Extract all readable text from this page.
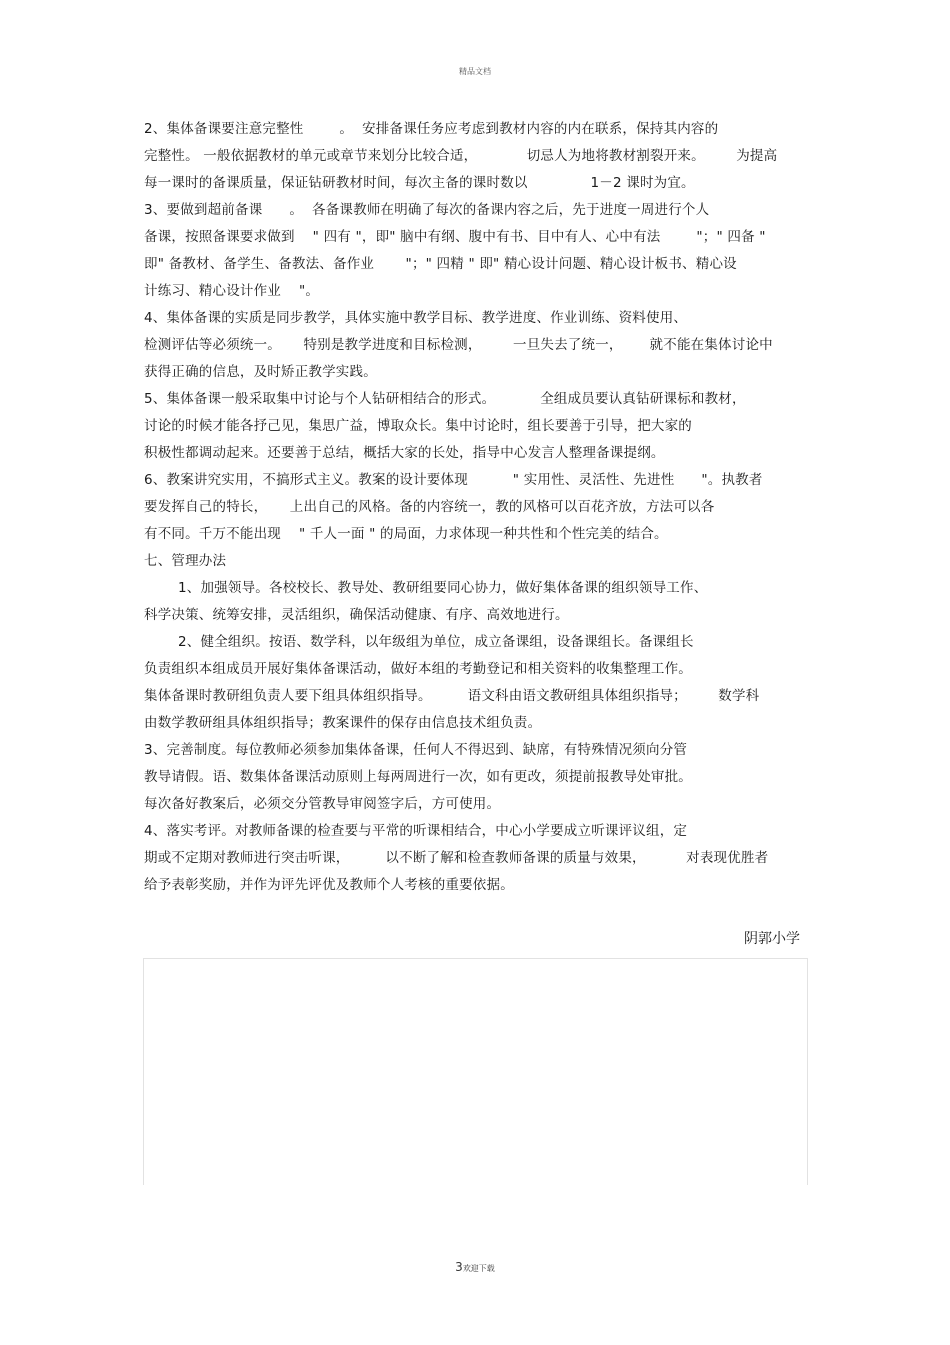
精品文档
2、集体备课要注意完整性        。  安排备课任务应考虑到教材内容的内在联系，保持其内容的
完整性。 一般依据教材的单元或章节来划分比较合适，           切忌人为地将教材割裂开来。       为提高
每一课时的备课质量，保证钻研教材时间，每次主备的课时数以              1－2 课时为宜。
3、要做到超前备课      。  各备课教师在明确了每次的备课内容之后，先于进度一周进行个人
备课，按照备课要求做到    " 四有 "，即" 脑中有纲、腹中有书、目中有人、心中有法        "；" 四备 "
即" 备教材、备学生、备教法、备作业       "；" 四精 " 即" 精心设计问题、精心设计板书、精心设
计练习、精心设计作业    "。
4、集体备课的实质是同步教学，具体实施中教学目标、教学进度、作业训练、资料使用、
检测评估等必须统一。     特别是教学进度和目标检测，       一旦失去了统一，      就不能在集体讨论中
获得正确的信息，及时矫正教学实践。
5、集体备课一般采取集中讨论与个人钻研相结合的形式。          全组成员要认真钻研课标和教材，
讨论的时候才能各抒己见，集思广益，博取众长。集中讨论时，组长要善于引导，把大家的
积极性都调动起来。还要善于总结，概括大家的长处，指导中心发言人整理备课提纲。
6、教案讲究实用，不搞形式主义。教案的设计要体现          " 实用性、灵活性、先进性      "。执教者
要发挥自己的特长，     上出自己的风格。备的内容统一，教的风格可以百花齐放，方法可以各
有不同。千万不能出现    " 千人一面 " 的局面，力求体现一种共性和个性完美的结合。
七、管理办法
1、加强领导。各校校长、教导处、教研组要同心协力，做好集体备课的组织领导工作、
科学决策、统筹安排，灵活组织，确保活动健康、有序、高效地进行。
2、健全组织。按语、数学科，以年级组为单位，成立备课组，设备课组长。备课组长
负责组织本组成员开展好集体备课活动，做好本组的考勤登记和相关资料的收集整理工作。
集体备课时教研组负责人要下组具体组织指导。        语文科由语文教研组具体组织指导；       数学科
由数学教研组具体组织指导；教案课件的保存由信息技术组负责。
3、完善制度。每位教师必须参加集体备课，任何人不得迟到、缺席，有特殊情况须向分管
教导请假。语、数集体备课活动原则上每两周进行一次，如有更改，须提前报教导处审批。
每次备好教案后，必须交分管教导审阅签字后，方可使用。
4、落实考评。对教师备课的检查要与平常的听课相结合，中心小学要成立听课评议组，定
期或不定期对教师进行突击听课，        以不断了解和检查教师备课的质量与效果，         对表现优胜者
给予表彰奖励，并作为评先评优及教师个人考核的重要依据。
阴郭小学
3欢迎下载
